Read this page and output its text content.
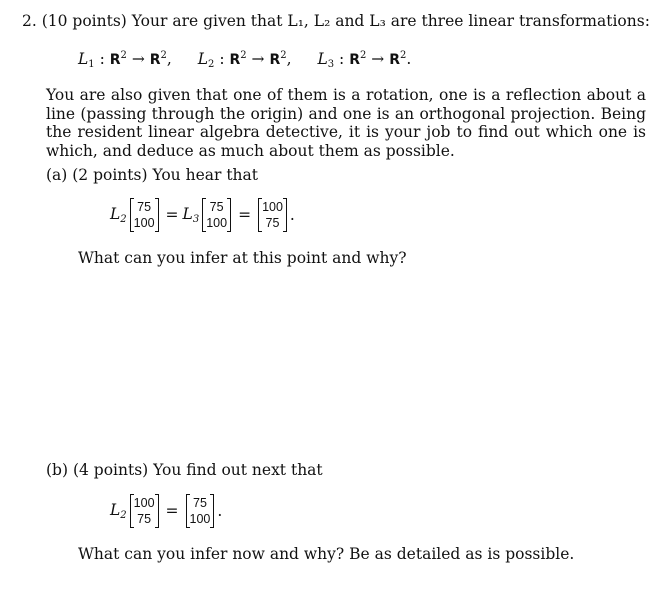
2. (10 points) Your are given that L₁, L₂ and L₃ are three linear transformations:
$L_1$ : $R^2 \to R^2$, $L_2$ : $R^2 \to R^2$, $L_3$ : $R^2 \to R^2$.
You are also given that one of them is a rotation, one is a reflection about a line (passing through the origin) and one is an orthogonal projection. Being the resident linear algebra detective, it is your job to find out which one is which, and deduce as much about them as possible.
(a) (2 points) You hear that
$L_2$
75
$100 = L_3$
75
100 = 100
75 .
What can you infer at this point and why?
(b) (4 points) You find out next that
$L_2$
100
75 = 75
100 .
What can you infer now and why? Be as detailed as is possible.
